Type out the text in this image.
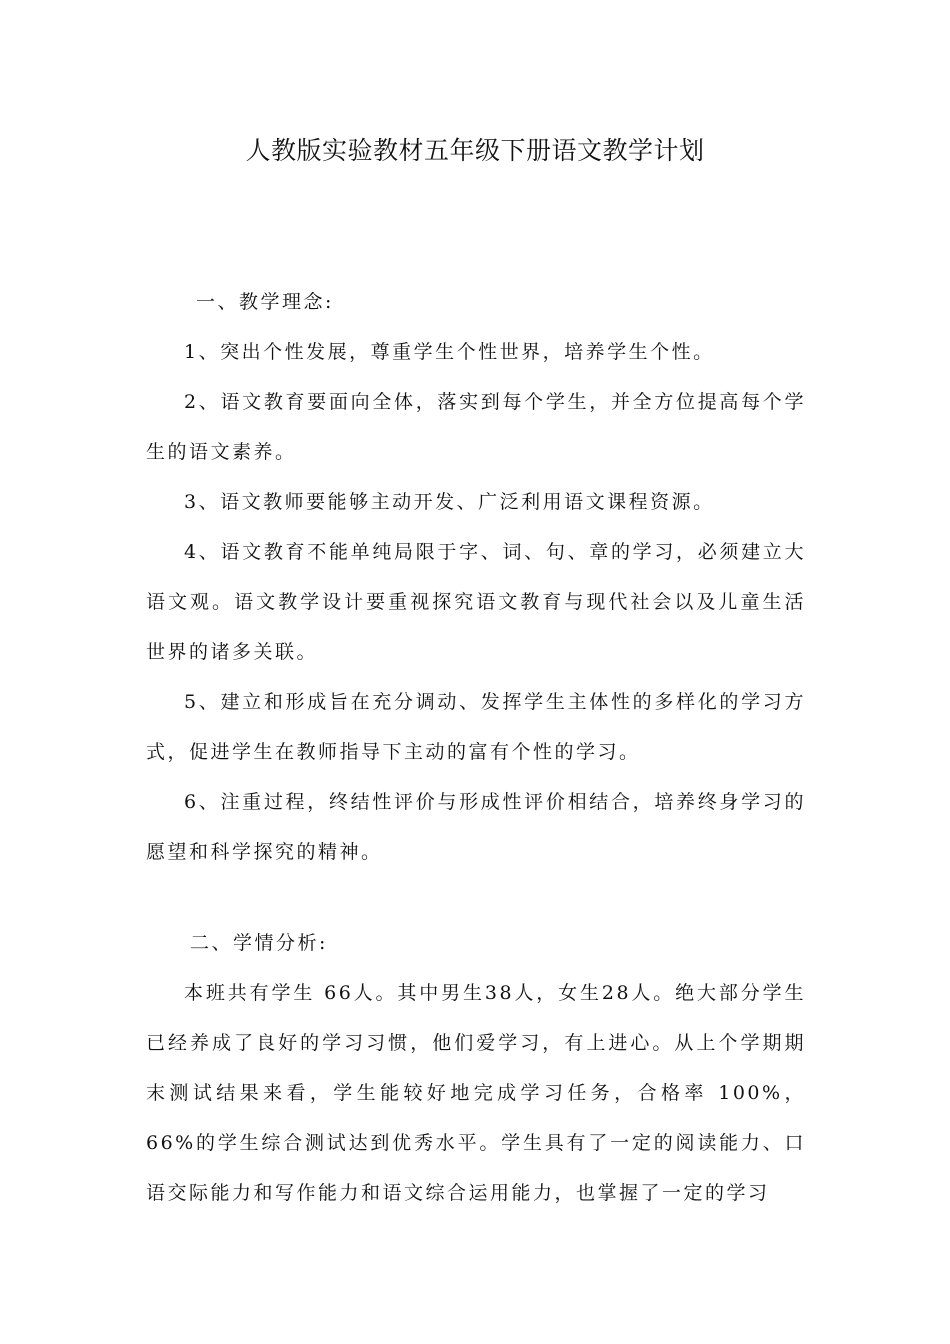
人教版实验教材五年级下册语文教学计划
一、教学理念:

1、突出个性发展，尊重学生个性世界，培养学生个性。

2、语文教育要面向全体，落实到每个学生，并全方位提高每个学生的语文素养。

3、语文教师要能够主动开发、广泛利用语文课程资源。

4、语文教育不能单纯局限于字、词、句、章的学习，必须建立大语文观。语文教学设计要重视探究语文教育与现代社会以及儿童生活世界的诸多关联。

5、建立和形成旨在充分调动、发挥学生主体性的多样化的学习方式，促进学生在教师指导下主动的富有个性的学习。

6、注重过程，终结性评价与形成性评价相结合，培养终身学习的愿望和科学探究的精神。

二、学情分析:

本班共有学生 66人。其中男生38人，女生28人。绝大部分学生已经养成了良好的学习习惯，他们爱学习，有上进心。从上个学期期末测试结果来看，学生能较好地完成学习任务，合格率 100%，66%的学生综合测试达到优秀水平。学生具有了一定的阅读能力、口语交际能力和写作能力和语文综合运用能力，也掌握了一定的学习
